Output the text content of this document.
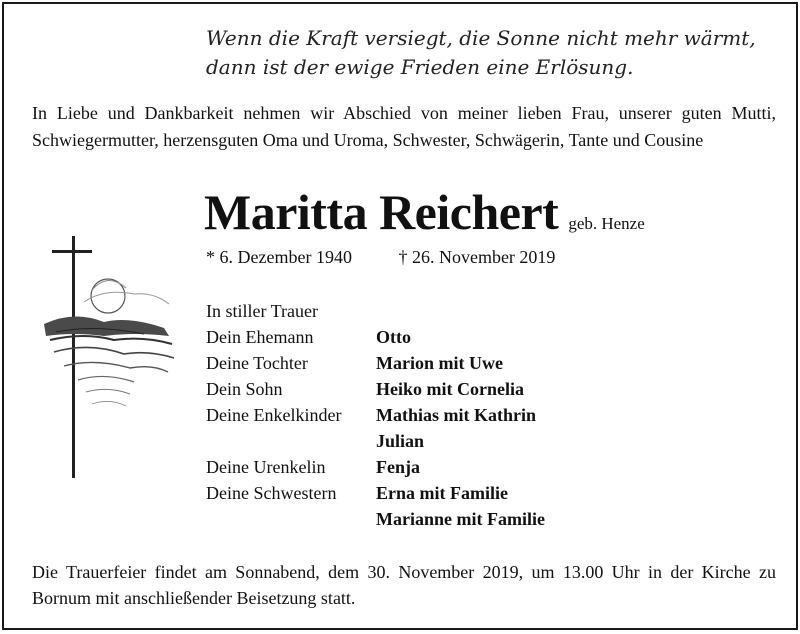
Wenn die Kraft versiegt, die Sonne nicht mehr wärmt,
dann ist der ewige Frieden eine Erlösung.
In Liebe und Dankbarkeit nehmen wir Abschied von meiner lieben Frau, unserer guten Mutti, Schwiegermutter, herzensguten Oma und Uroma, Schwester, Schwägerin, Tante und Cousine
Maritta Reichert geb. Henze
* 6. Dezember 1940	† 26. November 2019
In stiller Trauer
Dein Ehemann	Otto
Deine Tochter	Marion mit Uwe
Dein Sohn	Heiko mit Cornelia
Deine Enkelkinder	Mathias mit Kathrin
	Julian
Deine Urenkelin	Fenja
Deine Schwestern	Erna mit Familie
	Marianne mit Familie
Die Trauerfeier findet am Sonnabend, dem 30. November 2019, um 13.00 Uhr in der Kirche zu Bornum mit anschließender Beisetzung statt.
